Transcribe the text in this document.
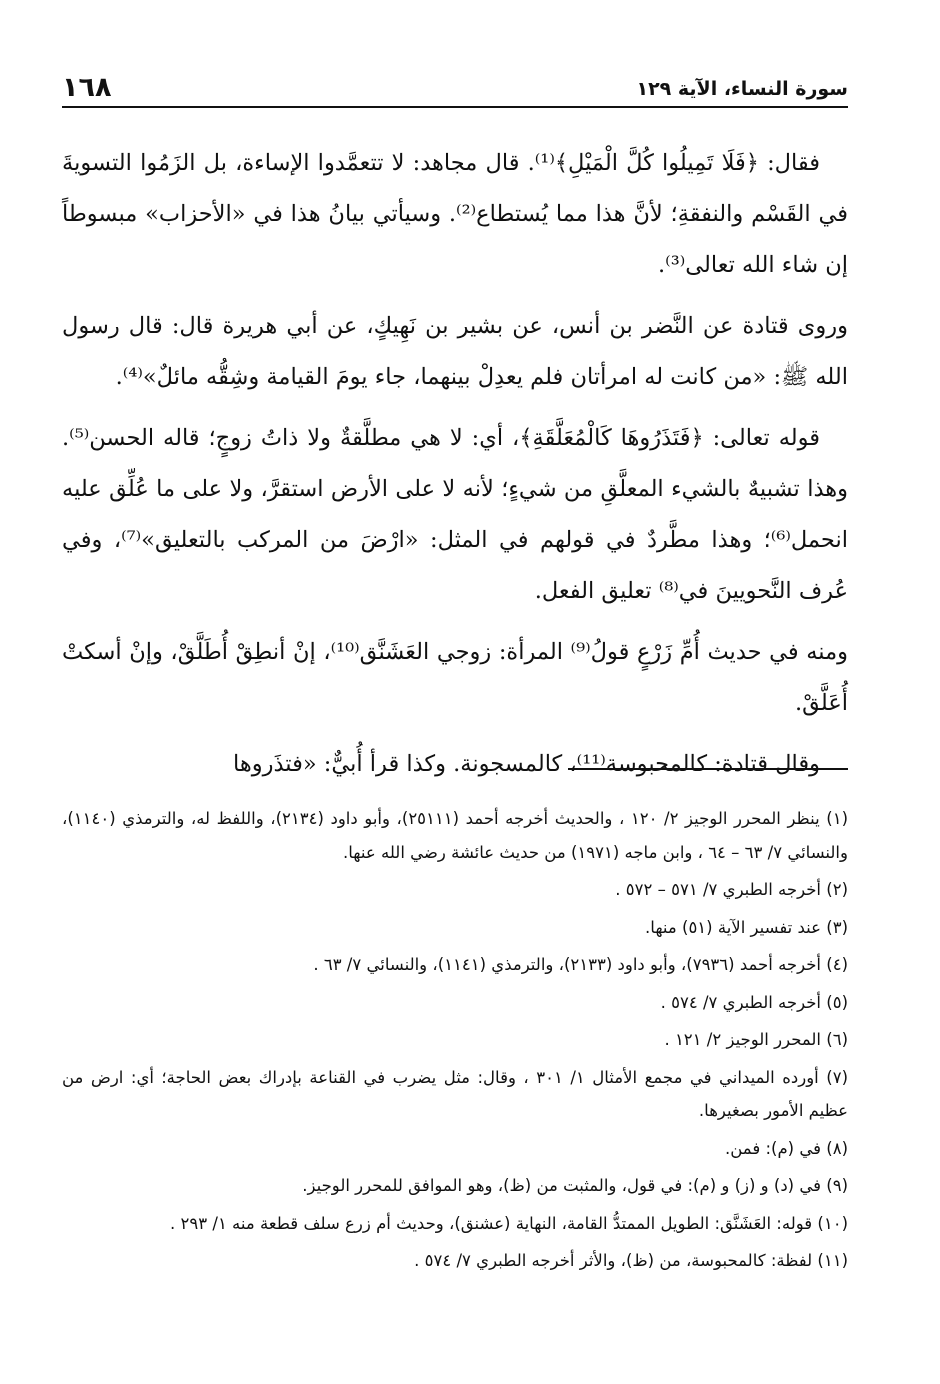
سورة النساء، الآية ١٢٩
١٦٨

فقال: ﴿فَلَا تَمِيلُوا كُلَّ الْمَيْلِ﴾⁽¹⁾. قال مجاهد: لا تتعمَّدوا الإساءة، بل الزَمُوا التسويةَ في القَسْم والنفقةِ؛ لأنَّ هذا مما يُستطاع⁽²⁾. وسيأتي بيانُ هذا في «الأحزاب» مبسوطاً إن شاء الله تعالى⁽³⁾.

وروى قتادة عن النَّضر بن أنس، عن بشير بن نَهِيكٍ، عن أبي هريرة قال: قال رسول الله ﷺ: «من كانت له امرأتان فلم يعدِلْ بينهما، جاء يومَ القيامة وشِقُّه مائلٌ»⁽⁴⁾.

قوله تعالى: ﴿فَتَذَرُوهَا كَالْمُعَلَّقَةِ﴾، أي: لا هي مطلَّقةٌ ولا ذاتُ زوجٍ؛ قاله الحسن⁽⁵⁾. وهذا تشبيهٌ بالشيء المعلَّقِ من شيءٍ؛ لأنه لا على الأرض استقرَّ، ولا على ما عُلِّق عليه انحمل⁽⁶⁾؛ وهذا مطَّردٌ في قولهم في المثل: «ارْضَ من المركب بالتعليق»⁽⁷⁾، وفي عُرف النَّحويينَ في⁽⁸⁾ تعليق الفعل.

ومنه في حديث أُمِّ زَرْعٍ قولُ⁽⁹⁾ المرأة: زوجي العَشَنَّق⁽¹⁰⁾، إنْ أنطِقْ أُطَلَّقْ، وإنْ أسكتْ أُعَلَّقْ.

وقال قتادة: كالمحبوسة⁽¹¹⁾، كالمسجونة. وكذا قرأ أُبيٌّ: «فتذَروها

(١) ينظر المحرر الوجيز ٢/ ١٢٠ ، والحديث أخرجه أحمد (٢٥١١١)، وأبو داود (٢١٣٤)، واللفظ له، والترمذي (١١٤٠)، والنسائي ٧/ ٦٣ – ٦٤ ، وابن ماجه (١٩٧١) من حديث عائشة رضي الله عنها.

(٢) أخرجه الطبري ٧/ ٥٧١ – ٥٧٢ .

(٣) عند تفسير الآية (٥١) منها.

(٤) أخرجه أحمد (٧٩٣٦)، وأبو داود (٢١٣٣)، والترمذي (١١٤١)، والنسائي ٧/ ٦٣ .

(٥) أخرجه الطبري ٧/ ٥٧٤ .

(٦) المحرر الوجيز ٢/ ١٢١ .

(٧) أورده الميداني في مجمع الأمثال ١/ ٣٠١ ، وقال: مثل يضرب في القناعة بإدراك بعض الحاجة؛ أي: ارض من عظيم الأمور بصغيرها.

(٨) في (م): فمن.

(٩) في (د) و (ز) و (م): في قول، والمثبت من (ظ)، وهو الموافق للمحرر الوجيز.

(١٠) قوله: العَشَنَّق: الطويل الممتدُّ القامة، النهاية (عشنق)، وحديث أم زرع سلف قطعة منه ١/ ٢٩٣ .

(١١) لفظة: كالمحبوسة، من (ظ)، والأثر أخرجه الطبري ٧/ ٥٧٤ .
